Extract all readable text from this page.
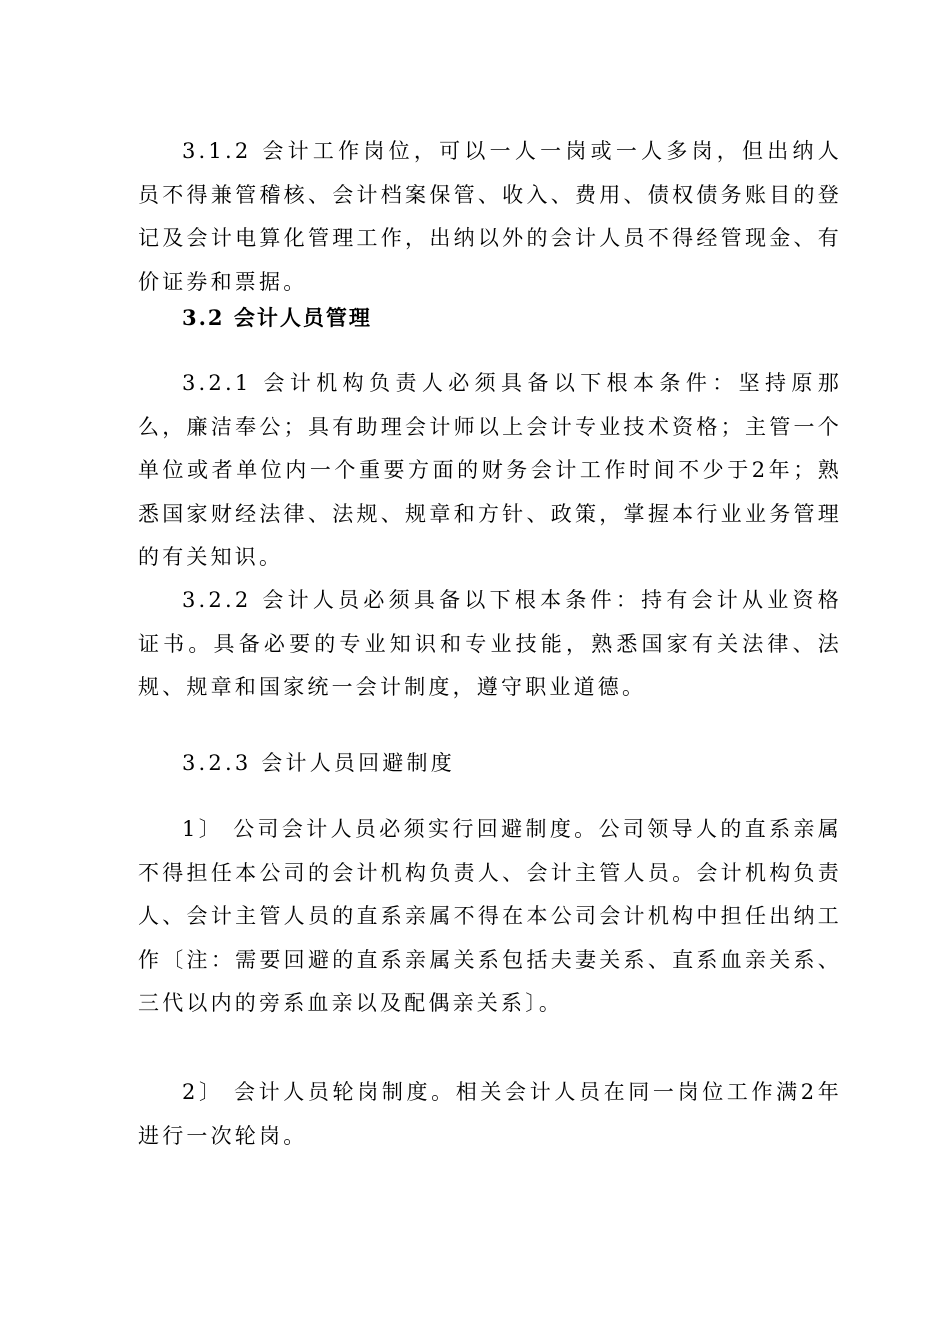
3.1.2 会计工作岗位，可以一人一岗或一人多岗，但出纳人员不得兼管稽核、会计档案保管、收入、费用、债权债务账目的登记及会计电算化管理工作，出纳以外的会计人员不得经管现金、有价证券和票据。

3.2 会计人员管理

3.2.1 会计机构负责人必须具备以下根本条件：坚持原那么，廉洁奉公；具有助理会计师以上会计专业技术资格；主管一个单位或者单位内一个重要方面的财务会计工作时间不少于2年；熟悉国家财经法律、法规、规章和方针、政策，掌握本行业业务管理的有关知识。

3.2.2 会计人员必须具备以下根本条件：持有会计从业资格证书。具备必要的专业知识和专业技能，熟悉国家有关法律、法规、规章和国家统一会计制度，遵守职业道德。

3.2.3 会计人员回避制度

1〕 公司会计人员必须实行回避制度。公司领导人的直系亲属不得担任本公司的会计机构负责人、会计主管人员。会计机构负责人、会计主管人员的直系亲属不得在本公司会计机构中担任出纳工作〔注：需要回避的直系亲属关系包括夫妻关系、直系血亲关系、三代以内的旁系血亲以及配偶亲关系〕。

2〕 会计人员轮岗制度。相关会计人员在同一岗位工作满2年进行一次轮岗。
